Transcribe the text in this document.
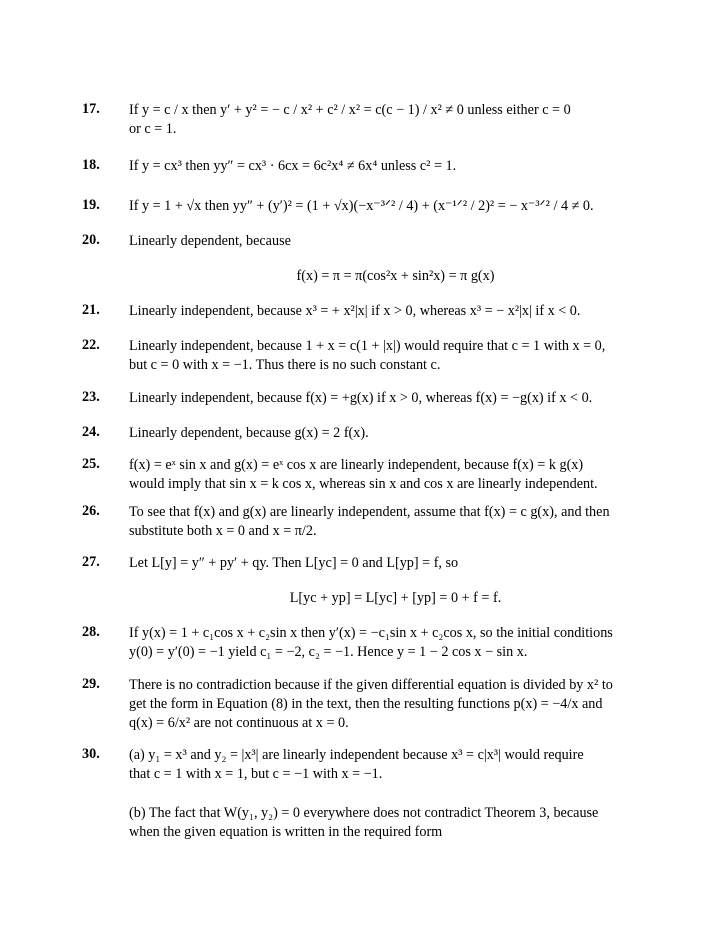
17.	If y = c / x then y′ + y² = − c / x² + c² / x² = c(c − 1) / x² ≠ 0 unless either c = 0
or c = 1.
18.	If y = cx³ then yy″ = cx³ · 6cx = 6c²x⁴ ≠ 6x⁴ unless c² = 1.
19.	If y = 1 + √x then yy″ + (y′)² = (1 + √x)(−x⁻³ᐟ² / 4) + (x⁻¹ᐟ² / 2)² = − x⁻³ᐟ² / 4 ≠ 0.
20.	Linearly dependent, because
f(x) = π = π(cos²x + sin²x) = π g(x)
21.	Linearly independent, because x³ = + x²|x| if x > 0, whereas x³ = − x²|x| if x < 0.
22.	Linearly independent, because 1 + x = c(1 + |x|) would require that c = 1 with x = 0,
but c = 0 with x = −1. Thus there is no such constant c.
23.	Linearly independent, because f(x) = +g(x) if x > 0, whereas f(x) = −g(x) if x < 0.
24.	Linearly dependent, because g(x) = 2 f(x).
25.	f(x) = eˣ sin x and g(x) = eˣ cos x are linearly independent, because f(x) = k g(x)
would imply that sin x = k cos x, whereas sin x and cos x are linearly independent.
26.	To see that f(x) and g(x) are linearly independent, assume that f(x) = c g(x), and then
substitute both x = 0 and x = π/2.
27.	Let L[y] = y″ + py′ + qy. Then L[yc] = 0 and L[yp] = f, so
L[yc + yp] = L[yc] + [yp] = 0 + f = f.
28.	If y(x) = 1 + c₁cos x + c₂sin x then y′(x) = −c₁sin x + c₂cos x, so the initial conditions
y(0) = y′(0) = −1 yield c₁ = −2, c₂ = −1. Hence y = 1 − 2 cos x − sin x.
29.	There is no contradiction because if the given differential equation is divided by x² to
get the form in Equation (8) in the text, then the resulting functions p(x) = −4/x and
q(x) = 6/x² are not continuous at x = 0.
30.	(a) y₁ = x³ and y₂ = |x³| are linearly independent because x³ = c|x³| would require
that c = 1 with x = 1, but c = −1 with x = −1.
(b) The fact that W(y₁, y₂) = 0 everywhere does not contradict Theorem 3, because
when the given equation is written in the required form
